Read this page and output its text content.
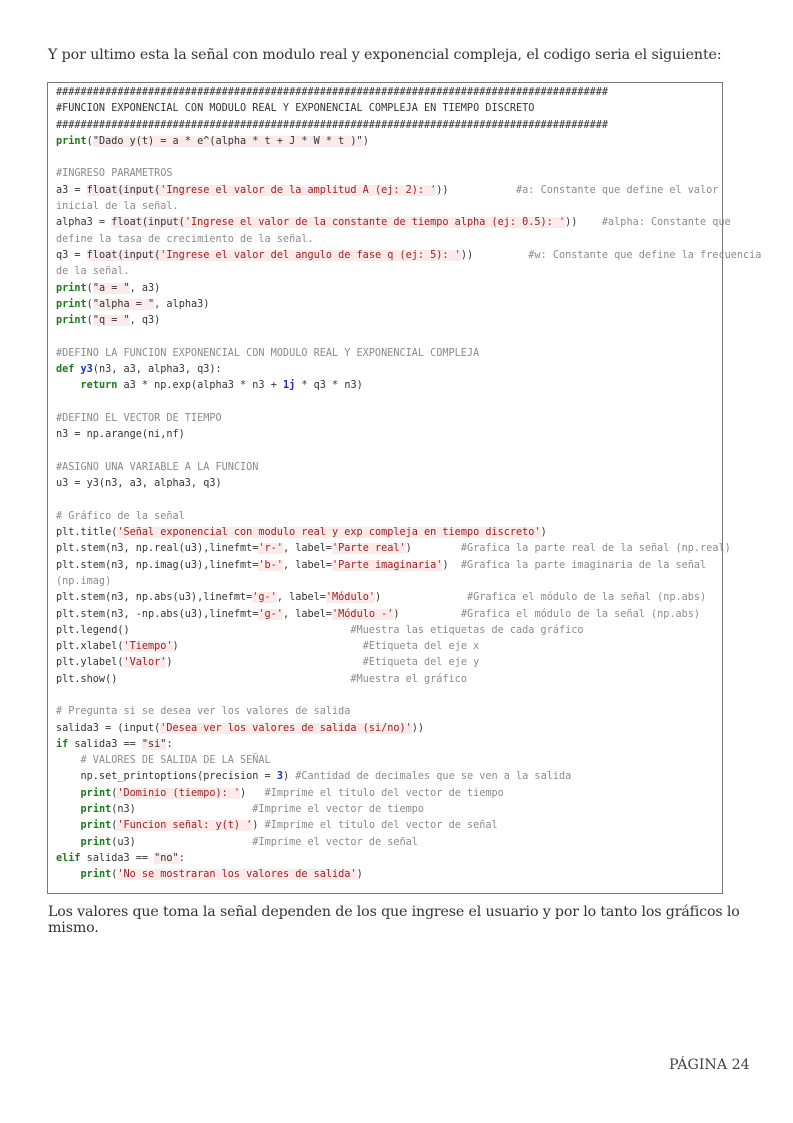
Y por ultimo esta la señal con modulo real y exponencial compleja, el codigo seria el siguiente:
##########################################################################################
#FUNCION EXPONENCIAL CON MODULO REAL Y EXPONENCIAL COMPLEJA EN TIEMPO DISCRETO
##########################################################################################
print("Dado y(t) = a * e^(alpha * t + J * W * t )")
#INGRESO PARAMETROS
a3 = float(input('Ingrese el valor de la amplitud A (ej: 2): '))           #a: Constante que define el valor
inicial de la señal.
alpha3 = float(input('Ingrese el valor de la constante de tiempo alpha (ej: 0.5): '))    #alpha: Constante que
define la tasa de crecimiento de la señal.
q3 = float(input('Ingrese el valor del angulo de fase q (ej: 5): '))         #w: Constante que define la frecuencia
de la señal.
print("a = ", a3)
print("alpha = ", alpha3)
print("q = ", q3)
#DEFINO LA FUNCION EXPONENCIAL CON MODULO REAL Y EXPONENCIAL COMPLEJA
def y3(n3, a3, alpha3, q3):
return a3 * np.exp(alpha3 * n3 + 1j * q3 * n3)
#DEFINO EL VECTOR DE TIEMPO
n3 = np.arange(ni,nf)
#ASIGNO UNA VARIABLE A LA FUNCION
u3 = y3(n3, a3, alpha3, q3)
# Gráfico de la señal
plt.title('Señal exponencial con modulo real y exp compleja en tiempo discreto')
plt.stem(n3, np.real(u3),linefmt='r-', label='Parte real')        #Grafica la parte real de la señal (np.real)
plt.stem(n3, np.imag(u3),linefmt='b-', label='Parte imaginaria')  #Grafica la parte imaginaria de la señal
(np.imag)
plt.stem(n3, np.abs(u3),linefmt='g-', label='Módulo')              #Grafica el módulo de la señal (np.abs)
plt.stem(n3, -np.abs(u3),linefmt='g-', label='Módulo -')          #Grafica el módulo de la señal (np.abs)
plt.legend()                                    #Muestra las etiquetas de cada gráfico
plt.xlabel('Tiempo')                              #Etiqueta del eje x
plt.ylabel('Valor')                               #Etiqueta del eje y
plt.show()                                      #Muestra el gráfico
# Pregunta si se desea ver los valores de salida
salida3 = (input('Desea ver los valores de salida (si/no)'))
if salida3 == "si":
# VALORES DE SALIDA DE LA SEÑAL
np.set_printoptions(precision = 3) #Cantidad de decimales que se ven a la salida
print('Dominio (tiempo): ')   #Imprime el titulo del vector de tiempo
print(n3)                   #Imprime el vector de tiempo
print('Funcion señal: y(t) ') #Imprime el titulo del vector de señal
print(u3)                   #Imprime el vector de señal
elif salida3 == "no":
print('No se mostraran los valores de salida')
Los valores que toma la señal dependen de los que ingrese el usuario y por lo tanto los gráficos lo mismo.
PÁGINA 24
